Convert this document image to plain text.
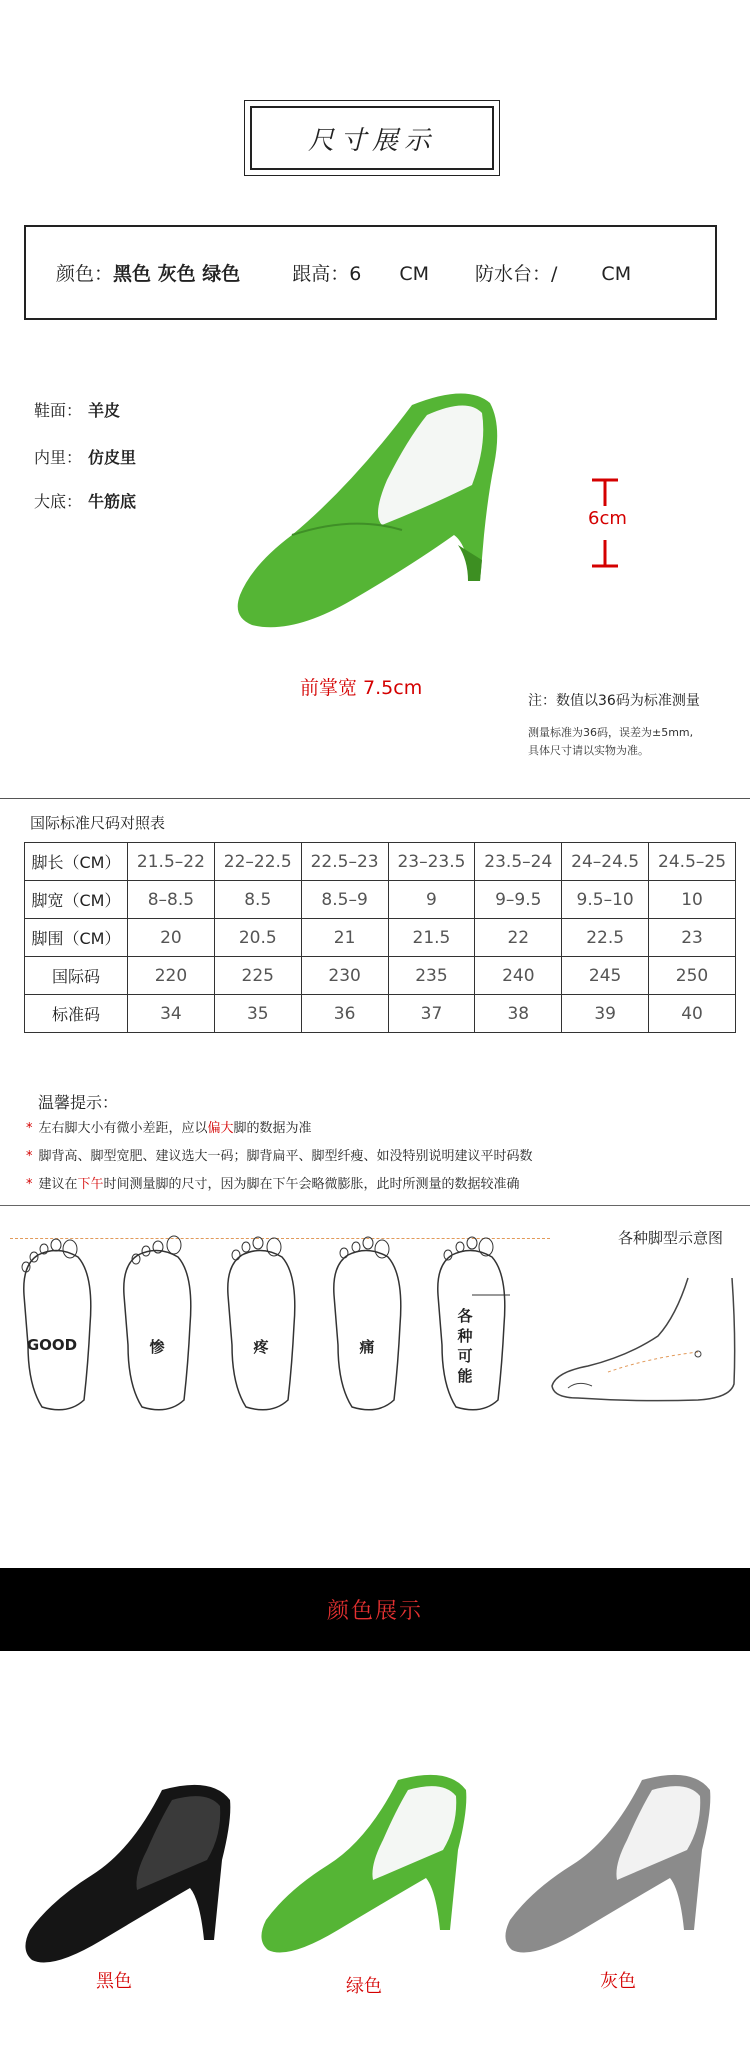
尺寸展示
颜色：黑色 灰色 绿色	跟高：6 CM 防水台：/ CM
鞋面： 羊皮
内里： 仿皮里
大底： 牛筋底
6cm
前掌宽 7.5cm
注：数值以36码为标准测量
测量标准为36码，误差为±5mm,
具体尺寸请以实物为准。
国际标准尺码对照表
脚长（CM）	21.5–22	22–22.5	22.5–23	23–23.5	23.5–24	24–24.5	24.5–25
脚宽（CM）	8–8.5	8.5	8.5–9	9	9–9.5	9.5–10	10
脚围（CM）	20	20.5	21	21.5	22	22.5	23
国际码	220	225	230	235	240	245	250
标准码	34	35	36	37	38	39	40
温馨提示：
* 左右脚大小有微小差距，应以偏大脚的数据为准
* 脚背高、脚型宽肥、建议选大一码；脚背扁平、脚型纤瘦、如没特别说明建议平时码数
* 建议在下午时间测量脚的尺寸，因为脚在下午会略微膨胀，此时所测量的数据较准确
各种脚型示意图
GOOD	惨	疼	痛
各种可能
颜色展示
黑色	绿色	灰色
